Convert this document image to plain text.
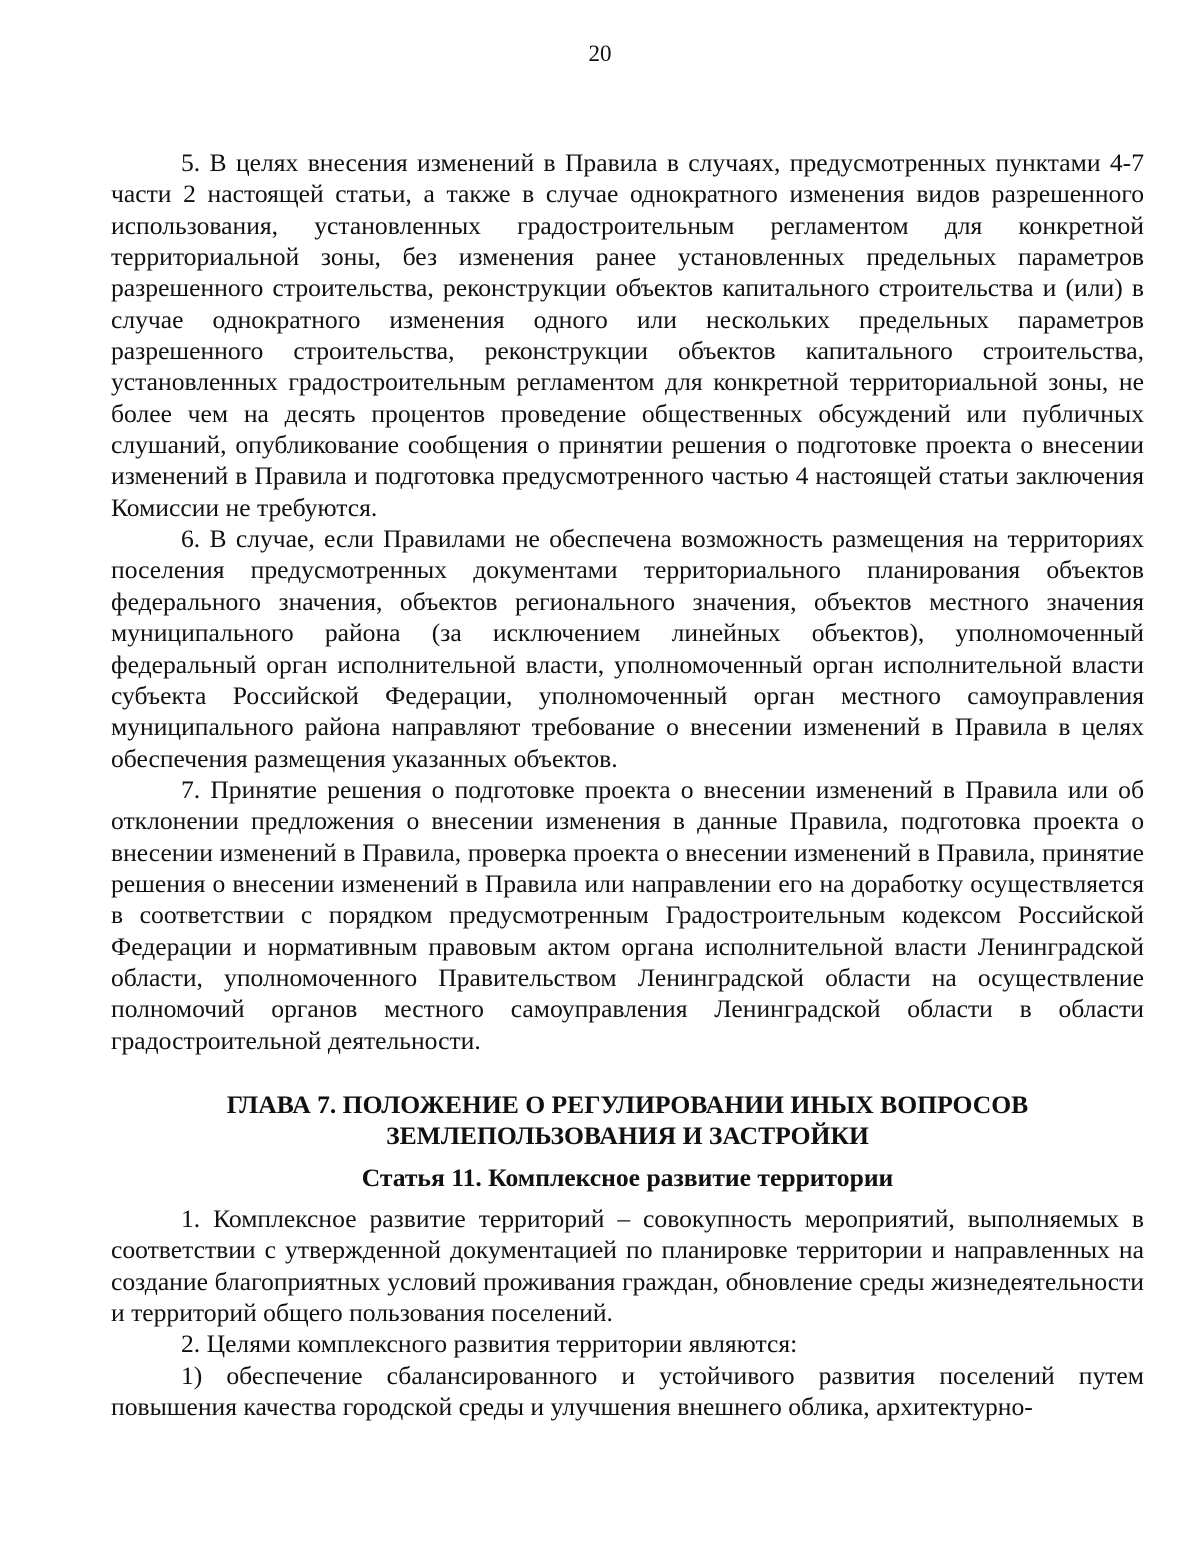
20

5. В целях внесения изменений в Правила в случаях, предусмотренных пунктами 4-7 части 2 настоящей статьи, а также в случае однократного изменения видов разрешенного использования, установленных градостроительным регламентом для конкретной территориальной зоны, без изменения ранее установленных предельных параметров разрешенного строительства, реконструкции объектов капитального строительства и (или) в случае однократного изменения одного или нескольких предельных параметров разрешенного строительства, реконструкции объектов капитального строительства, установленных градостроительным регламентом для конкретной территориальной зоны, не более чем на десять процентов проведение общественных обсуждений или публичных слушаний, опубликование сообщения о принятии решения о подготовке проекта о внесении изменений в Правила и подготовка предусмотренного частью 4 настоящей статьи заключения Комиссии не требуются.

6. В случае, если Правилами не обеспечена возможность размещения на территориях поселения предусмотренных документами территориального планирования объектов федерального значения, объектов регионального значения, объектов местного значения муниципального района (за исключением линейных объектов), уполномоченный федеральный орган исполнительной власти, уполномоченный орган исполнительной власти субъекта Российской Федерации, уполномоченный орган местного самоуправления муниципального района направляют требование о внесении изменений в Правила в целях обеспечения размещения указанных объектов.

7. Принятие решения о подготовке проекта о внесении изменений в Правила или об отклонении предложения о внесении изменения в данные Правила, подготовка проекта о внесении изменений в Правила, проверка проекта о внесении изменений в Правила, принятие решения о внесении изменений в Правила или направлении его на доработку осуществляется в соответствии с порядком предусмотренным Градостроительным кодексом Российской Федерации и нормативным правовым актом органа исполнительной власти Ленинградской области, уполномоченного Правительством Ленинградской области на осуществление полномочий органов местного самоуправления Ленинградской области в области градостроительной деятельности.

ГЛАВА 7. ПОЛОЖЕНИЕ О РЕГУЛИРОВАНИИ ИНЫХ ВОПРОСОВ
ЗЕМЛЕПОЛЬЗОВАНИЯ И ЗАСТРОЙКИ
Статья 11. Комплексное развитие территории

1. Комплексное развитие территорий – совокупность мероприятий, выполняемых в соответствии с утвержденной документацией по планировке территории и направленных на создание благоприятных условий проживания граждан, обновление среды жизнедеятельности и территорий общего пользования поселений.

2. Целями комплексного развития территории являются:

1) обеспечение сбалансированного и устойчивого развития поселений путем повышения качества городской среды и улучшения внешнего облика, архитектурно-
